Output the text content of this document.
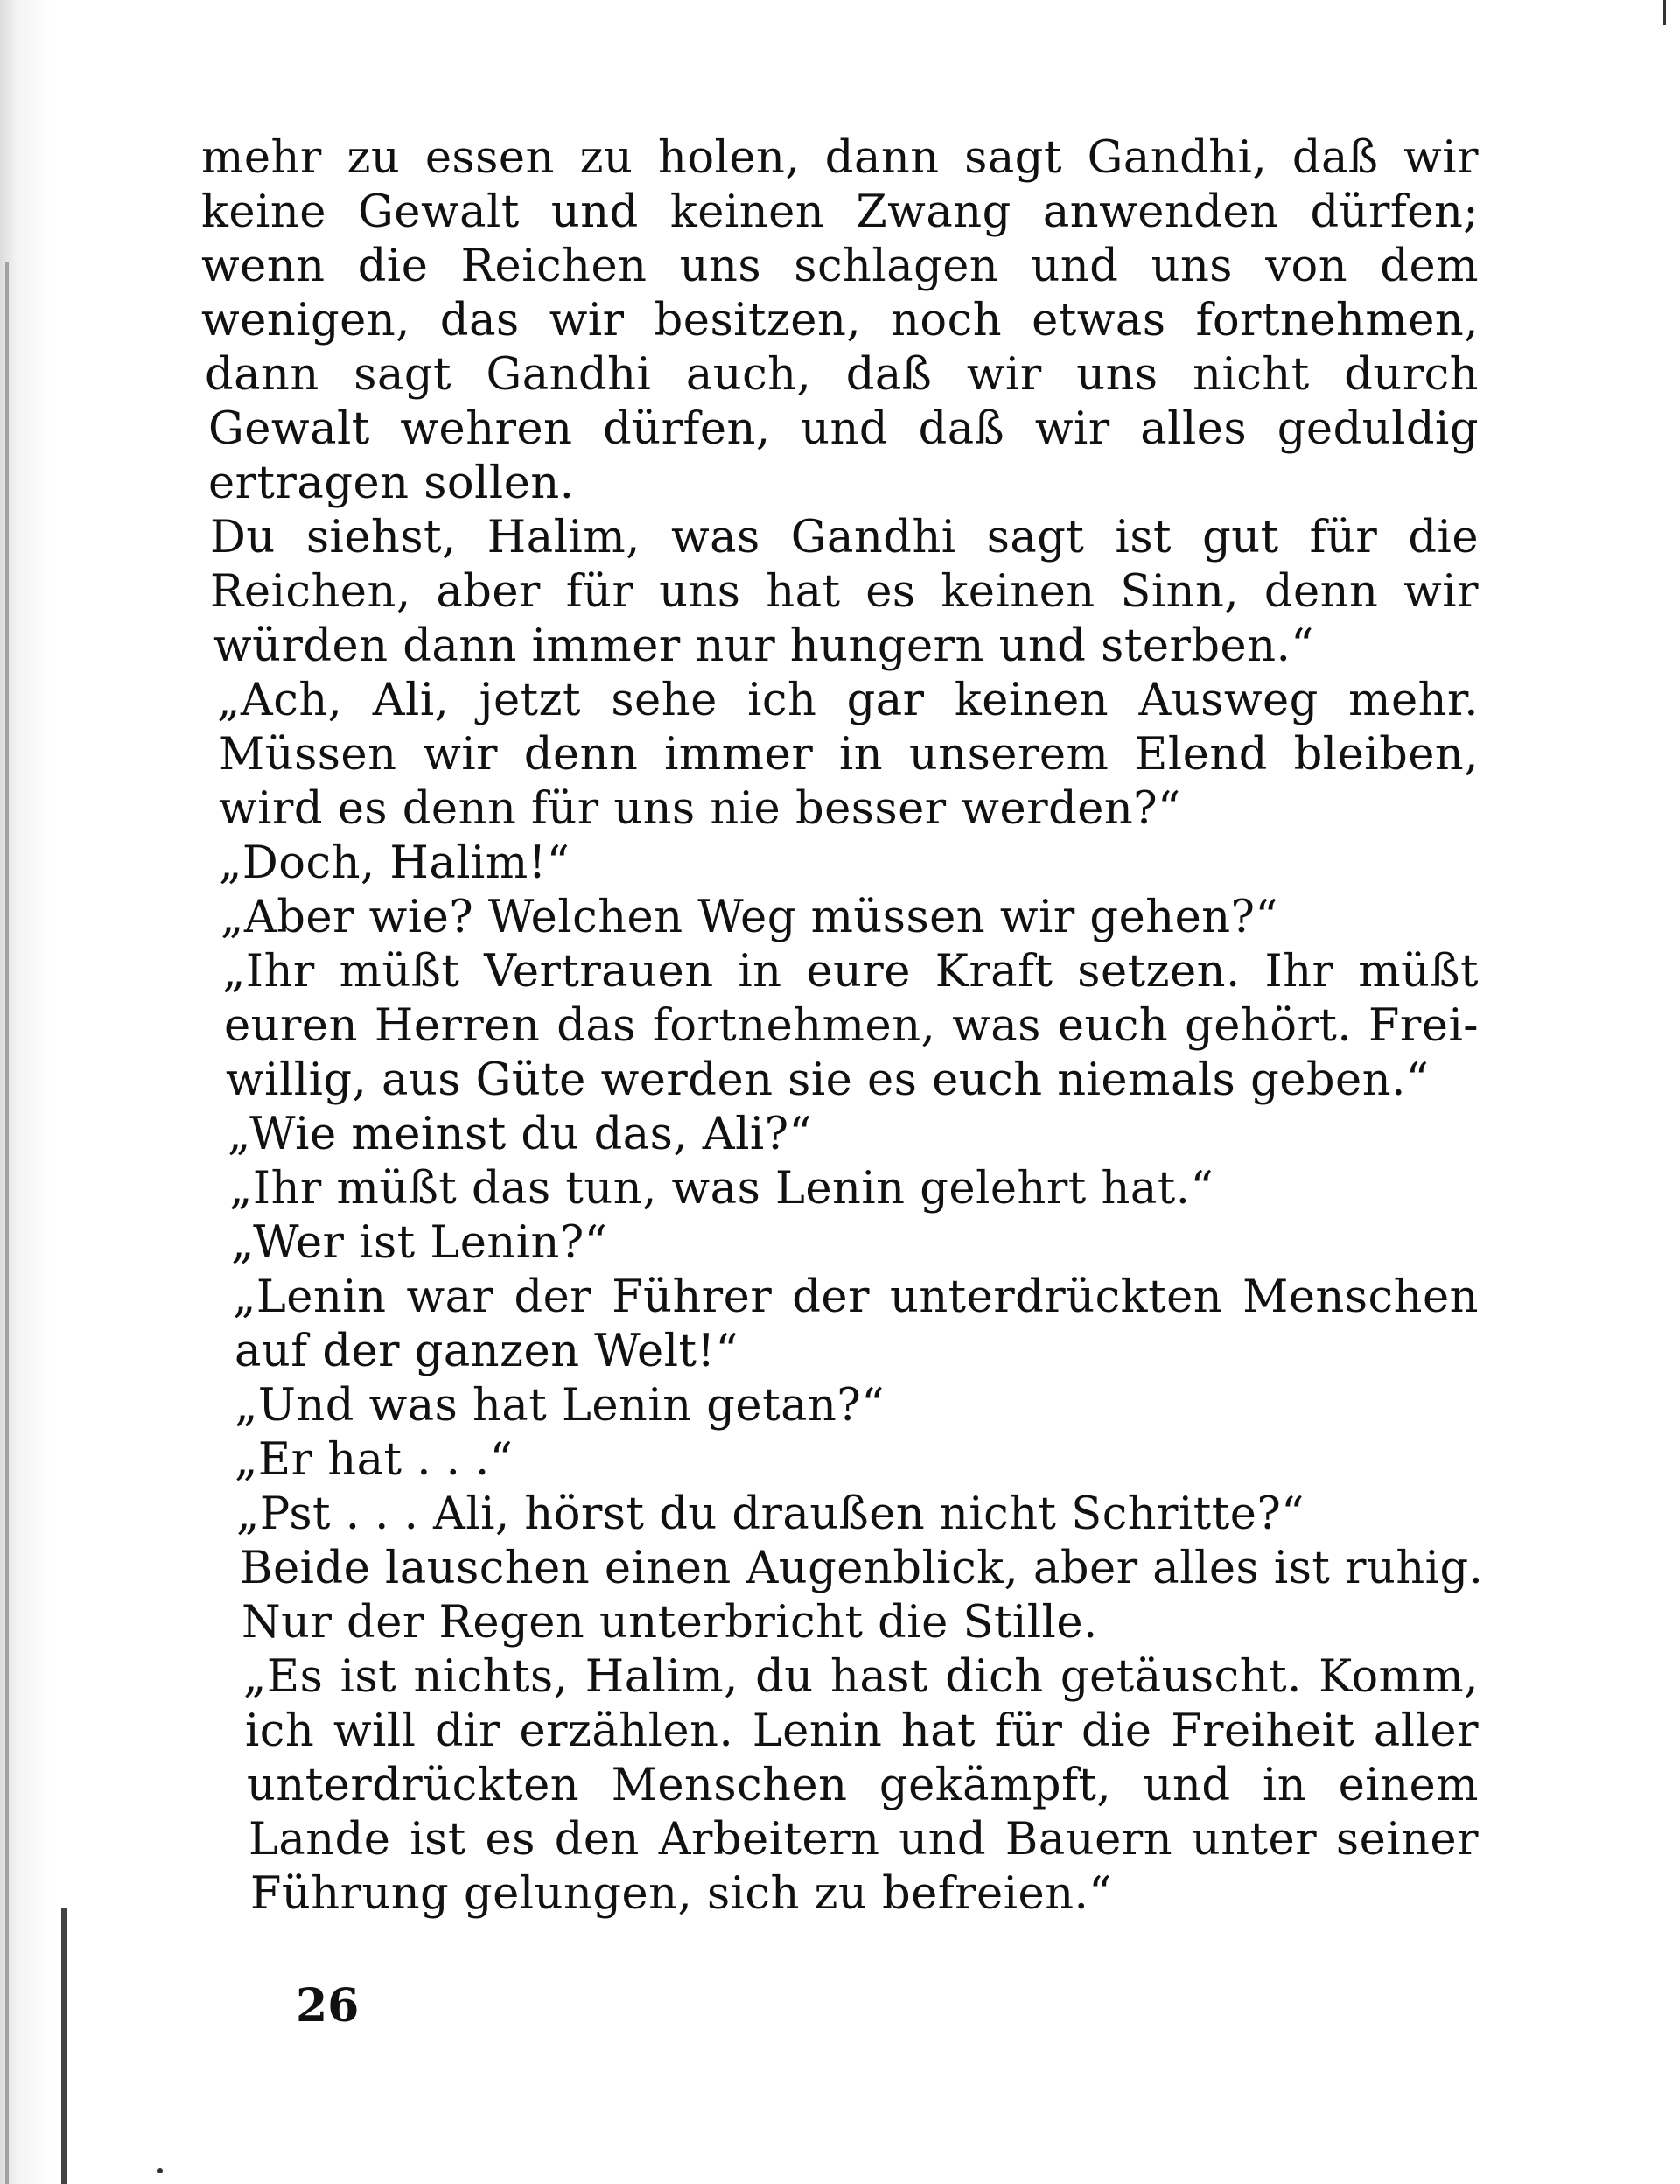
mehr zu essen zu holen, dann sagt Gandhi, daß wir
keine Gewalt und keinen Zwang anwenden dürfen;
wenn die Reichen uns schlagen und uns von dem
wenigen, das wir besitzen, noch etwas fortnehmen,
dann sagt Gandhi auch, daß wir uns nicht durch
Gewalt wehren dürfen, und daß wir alles geduldig
ertragen sollen.
Du siehst, Halim, was Gandhi sagt ist gut für die
Reichen, aber für uns hat es keinen Sinn, denn wir
würden dann immer nur hungern und sterben.“
„Ach, Ali, jetzt sehe ich gar keinen Ausweg mehr.
Müssen wir denn immer in unserem Elend bleiben,
wird es denn für uns nie besser werden?“
„Doch, Halim!“
„Aber wie? Welchen Weg müssen wir gehen?“
„Ihr müßt Vertrauen in eure Kraft setzen. Ihr müßt
euren Herren das fortnehmen, was euch gehört. Frei-
willig, aus Güte werden sie es euch niemals geben.“
„Wie meinst du das, Ali?“
„Ihr müßt das tun, was Lenin gelehrt hat.“
„Wer ist Lenin?“
„Lenin war der Führer der unterdrückten Menschen
auf der ganzen Welt!“
„Und was hat Lenin getan?“
„Er hat . . .“
„Pst . . . Ali, hörst du draußen nicht Schritte?“
Beide lauschen einen Augenblick, aber alles ist ruhig.
Nur der Regen unterbricht die Stille.
„Es ist nichts, Halim, du hast dich getäuscht. Komm,
ich will dir erzählen. Lenin hat für die Freiheit aller
unterdrückten Menschen gekämpft, und in einem
Lande ist es den Arbeitern und Bauern unter seiner
Führung gelungen, sich zu befreien.“
26
